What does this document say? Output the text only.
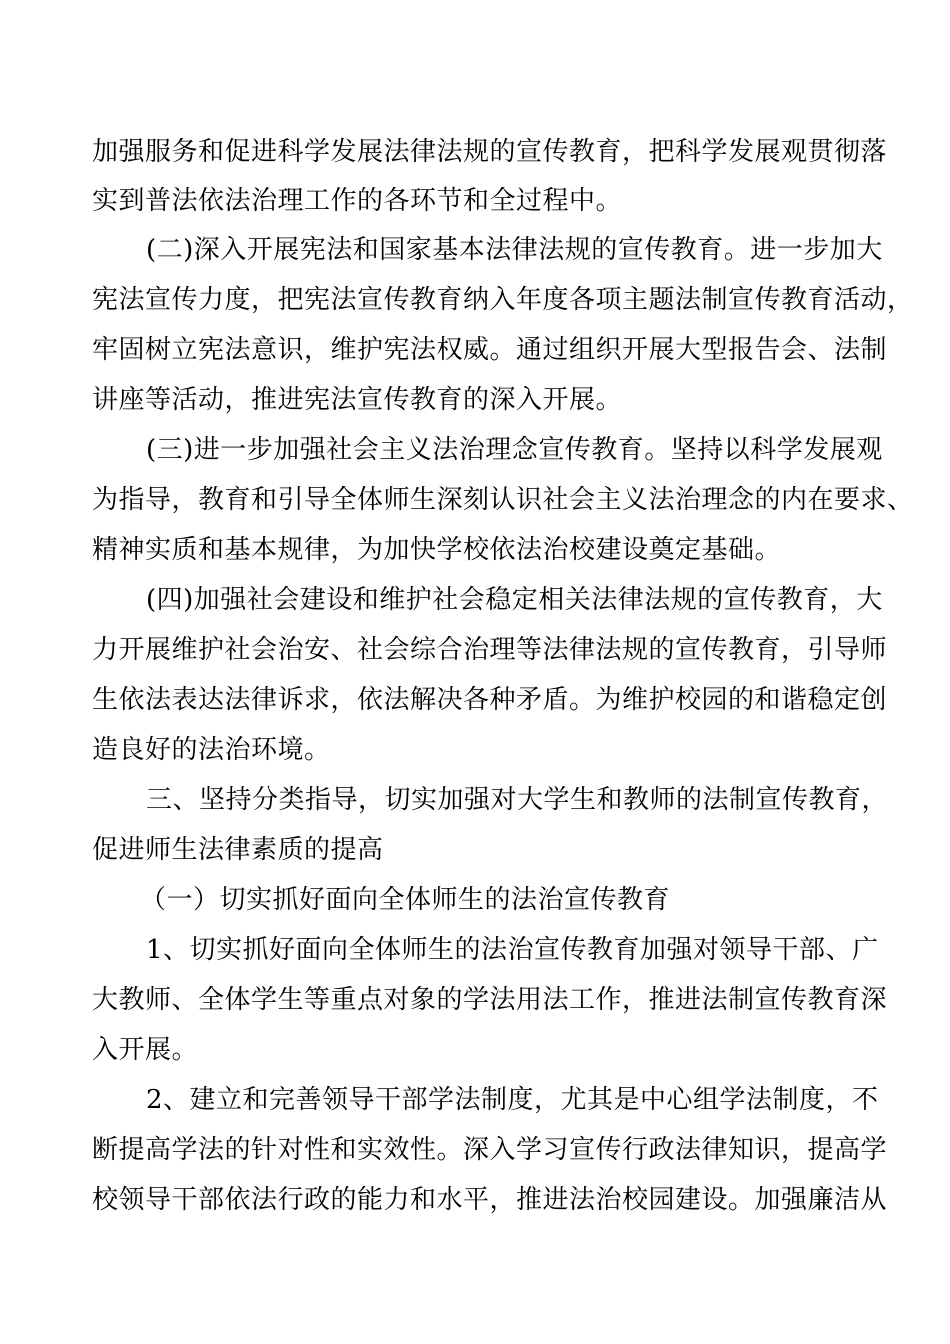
加强服务和促进科学发展法律法规的宣传教育，把科学发展观贯彻落
实到普法依法治理工作的各环节和全过程中。
(二)深入开展宪法和国家基本法律法规的宣传教育。进一步加大
宪法宣传力度，把宪法宣传教育纳入年度各项主题法制宣传教育活动，
牢固树立宪法意识，维护宪法权威。通过组织开展大型报告会、法制
讲座等活动，推进宪法宣传教育的深入开展。
(三)进一步加强社会主义法治理念宣传教育。坚持以科学发展观
为指导，教育和引导全体师生深刻认识社会主义法治理念的内在要求、
精神实质和基本规律，为加快学校依法治校建设奠定基础。
(四)加强社会建设和维护社会稳定相关法律法规的宣传教育，大
力开展维护社会治安、社会综合治理等法律法规的宣传教育，引导师
生依法表达法律诉求，依法解决各种矛盾。为维护校园的和谐稳定创
造良好的法治环境。
三、坚持分类指导，切实加强对大学生和教师的法制宣传教育，
促进师生法律素质的提高
（一）切实抓好面向全体师生的法治宣传教育
1、切实抓好面向全体师生的法治宣传教育加强对领导干部、广
大教师、全体学生等重点对象的学法用法工作，推进法制宣传教育深
入开展。
2、建立和完善领导干部学法制度，尤其是中心组学法制度，不
断提高学法的针对性和实效性。深入学习宣传行政法律知识，提高学
校领导干部依法行政的能力和水平，推进法治校园建设。加强廉洁从
